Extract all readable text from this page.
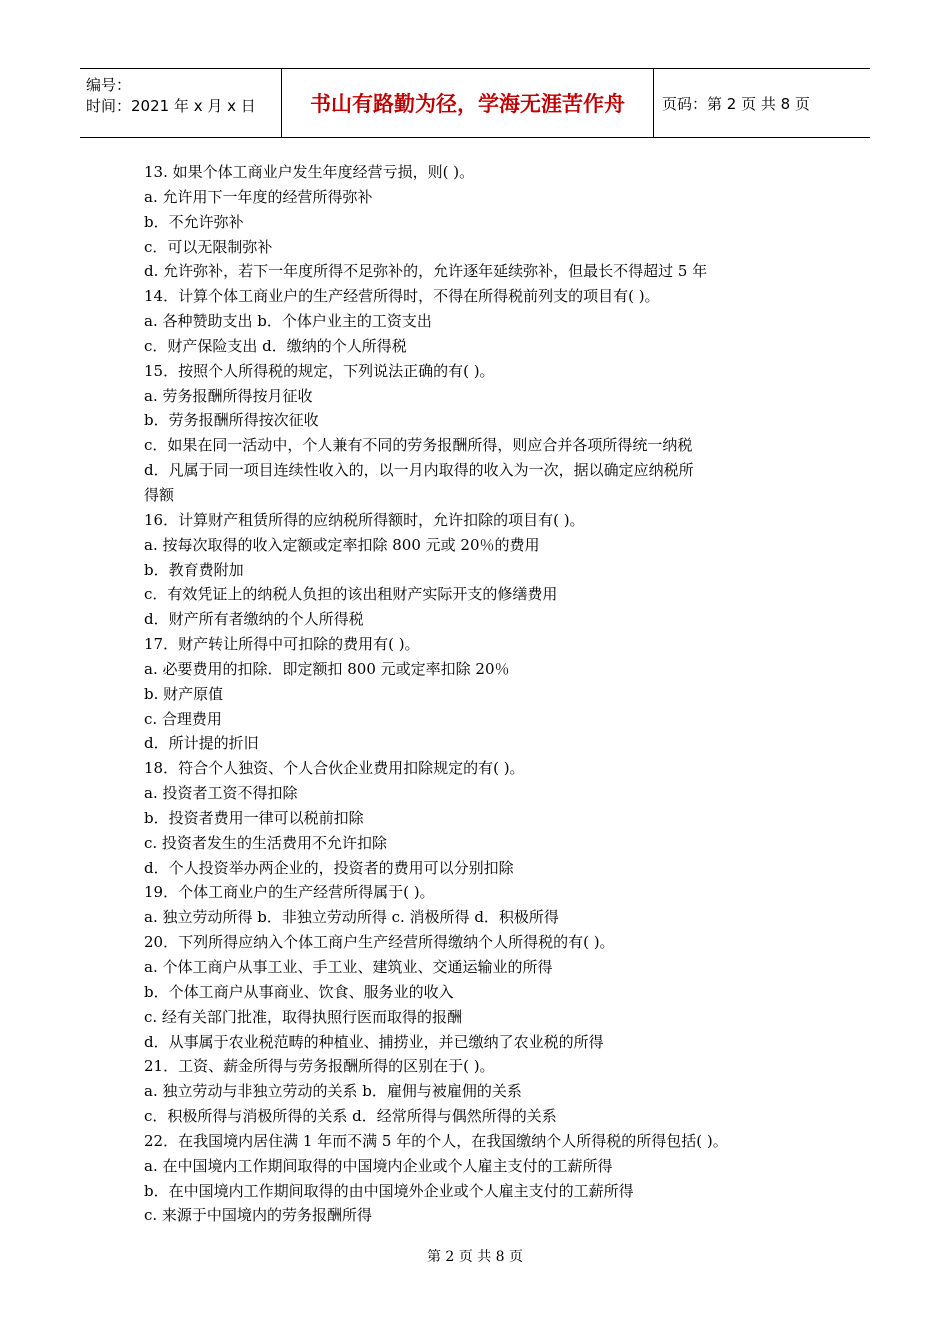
编号：
时间：2021 年 x 月 x 日	书山有路勤为径，学海无涯苦作舟	页码：第 2 页 共 8 页
13. 如果个体工商业户发生年度经营亏损，则( )。
a. 允许用下一年度的经营所得弥补
b．不允许弥补
c．可以无限制弥补
d. 允许弥补，若下一年度所得不足弥补的，允许逐年延续弥补，但最长不得超过 5 年
14．计算个体工商业户的生产经营所得时，不得在所得税前列支的项目有( )。
a. 各种赞助支出 b．个体户业主的工资支出
c．财产保险支出 d．缴纳的个人所得税
15．按照个人所得税的规定，下列说法正确的有( )。
a. 劳务报酬所得按月征收
b．劳务报酬所得按次征收
c．如果在同一活动中，个人兼有不同的劳务报酬所得，则应合并各项所得统一纳税
d．凡属于同一项目连续性收入的，以一月内取得的收入为一次，据以确定应纳税所
得额
16．计算财产租赁所得的应纳税所得额时，允许扣除的项目有( )。
a. 按每次取得的收入定额或定率扣除 800 元或 20％的费用
b．教育费附加
c．有效凭证上的纳税人负担的该出租财产实际开支的修缮费用
d．财产所有者缴纳的个人所得税
17．财产转让所得中可扣除的费用有( )。
a. 必要费用的扣除．即定额扣 800 元或定率扣除 20％
b. 财产原值
c. 合理费用
d．所计提的折旧
18．符合个人独资、个人合伙企业费用扣除规定的有( )。
a. 投资者工资不得扣除
b．投资者费用一律可以税前扣除
c. 投资者发生的生活费用不允许扣除
d．个人投资举办两企业的，投资者的费用可以分别扣除
19．个体工商业户的生产经营所得属于( )。
a. 独立劳动所得 b．非独立劳动所得 c. 消极所得 d．积极所得
20．下列所得应纳入个体工商户生产经营所得缴纳个人所得税的有( )。
a. 个体工商户从事工业、手工业、建筑业、交通运输业的所得
b．个体工商户从事商业、饮食、服务业的收入
c. 经有关部门批准，取得执照行医而取得的报酬
d．从事属于农业税范畴的种植业、捕捞业，并已缴纳了农业税的所得
21．工资、薪金所得与劳务报酬所得的区别在于( )。
a. 独立劳动与非独立劳动的关系 b．雇佣与被雇佣的关系
c．积极所得与消极所得的关系 d．经常所得与偶然所得的关系
22．在我国境内居住满 1 年而不满 5 年的个人，在我国缴纳个人所得税的所得包括( )。
a. 在中国境内工作期间取得的中国境内企业或个人雇主支付的工薪所得
b．在中国境内工作期间取得的由中国境外企业或个人雇主支付的工薪所得
c. 来源于中国境内的劳务报酬所得
第 2 页 共 8 页
